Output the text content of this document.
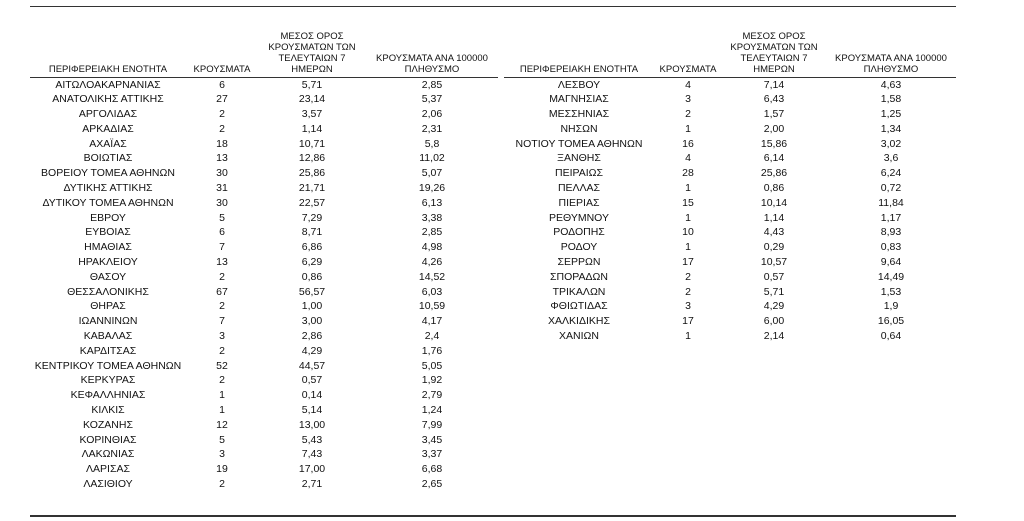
ΠΕΡΙΦΕΡΕΙΑΚΗ ΕΝΟΤΗΤΑ	ΚΡΟΥΣΜΑΤΑ	ΜΕΣΟΣ ΟΡΟΣ ΚΡΟΥΣΜΑΤΩΝ ΤΩΝ ΤΕΛΕΥΤΑΙΩΝ 7 ΗΜΕΡΩΝ	ΚΡΟΥΣΜΑΤΑ ΑΝΑ 100000 ΠΛΗΘΥΣΜΟ
ΑΙΤΩΛΟΑΚΑΡΝΑΝΙΑΣ	6	5,71	2,85
ΑΝΑΤΟΛΙΚΗΣ ΑΤΤΙΚΗΣ	27	23,14	5,37
ΑΡΓΟΛΙΔΑΣ	2	3,57	2,06
ΑΡΚΑΔΙΑΣ	2	1,14	2,31
ΑΧΑΪΑΣ	18	10,71	5,8
ΒΟΙΩΤΙΑΣ	13	12,86	11,02
ΒΟΡΕΙΟΥ ΤΟΜΕΑ ΑΘΗΝΩΝ	30	25,86	5,07
ΔΥΤΙΚΗΣ ΑΤΤΙΚΗΣ	31	21,71	19,26
ΔΥΤΙΚΟΥ ΤΟΜΕΑ ΑΘΗΝΩΝ	30	22,57	6,13
ΕΒΡΟΥ	5	7,29	3,38
ΕΥΒΟΙΑΣ	6	8,71	2,85
ΗΜΑΘΙΑΣ	7	6,86	4,98
ΗΡΑΚΛΕΙΟΥ	13	6,29	4,26
ΘΑΣΟΥ	2	0,86	14,52
ΘΕΣΣΑΛΟΝΙΚΗΣ	67	56,57	6,03
ΘΗΡΑΣ	2	1,00	10,59
ΙΩΑΝΝΙΝΩΝ	7	3,00	4,17
ΚΑΒΑΛΑΣ	3	2,86	2,4
ΚΑΡΔΙΤΣΑΣ	2	4,29	1,76
ΚΕΝΤΡΙΚΟΥ ΤΟΜΕΑ ΑΘΗΝΩΝ	52	44,57	5,05
ΚΕΡΚΥΡΑΣ	2	0,57	1,92
ΚΕΦΑΛΛΗΝΙΑΣ	1	0,14	2,79
ΚΙΛΚΙΣ	1	5,14	1,24
ΚΟΖΑΝΗΣ	12	13,00	7,99
ΚΟΡΙΝΘΙΑΣ	5	5,43	3,45
ΛΑΚΩΝΙΑΣ	3	7,43	3,37
ΛΑΡΙΣΑΣ	19	17,00	6,68
ΛΑΣΙΘΙΟΥ	2	2,71	2,65
ΠΕΡΙΦΕΡΕΙΑΚΗ ΕΝΟΤΗΤΑ	ΚΡΟΥΣΜΑΤΑ	ΜΕΣΟΣ ΟΡΟΣ ΚΡΟΥΣΜΑΤΩΝ ΤΩΝ ΤΕΛΕΥΤΑΙΩΝ 7 ΗΜΕΡΩΝ	ΚΡΟΥΣΜΑΤΑ ΑΝΑ 100000 ΠΛΗΘΥΣΜΟ
ΛΕΣΒΟΥ	4	7,14	4,63
ΜΑΓΝΗΣΙΑΣ	3	6,43	1,58
ΜΕΣΣΗΝΙΑΣ	2	1,57	1,25
ΝΗΣΩΝ	1	2,00	1,34
ΝΟΤΙΟΥ ΤΟΜΕΑ ΑΘΗΝΩΝ	16	15,86	3,02
ΞΑΝΘΗΣ	4	6,14	3,6
ΠΕΙΡΑΙΩΣ	28	25,86	6,24
ΠΕΛΛΑΣ	1	0,86	0,72
ΠΙΕΡΙΑΣ	15	10,14	11,84
ΡΕΘΥΜΝΟΥ	1	1,14	1,17
ΡΟΔΟΠΗΣ	10	4,43	8,93
ΡΟΔΟΥ	1	0,29	0,83
ΣΕΡΡΩΝ	17	10,57	9,64
ΣΠΟΡΑΔΩΝ	2	0,57	14,49
ΤΡΙΚΑΛΩΝ	2	5,71	1,53
ΦΘΙΩΤΙΔΑΣ	3	4,29	1,9
ΧΑΛΚΙΔΙΚΗΣ	17	6,00	16,05
ΧΑΝΙΩΝ	1	2,14	0,64
